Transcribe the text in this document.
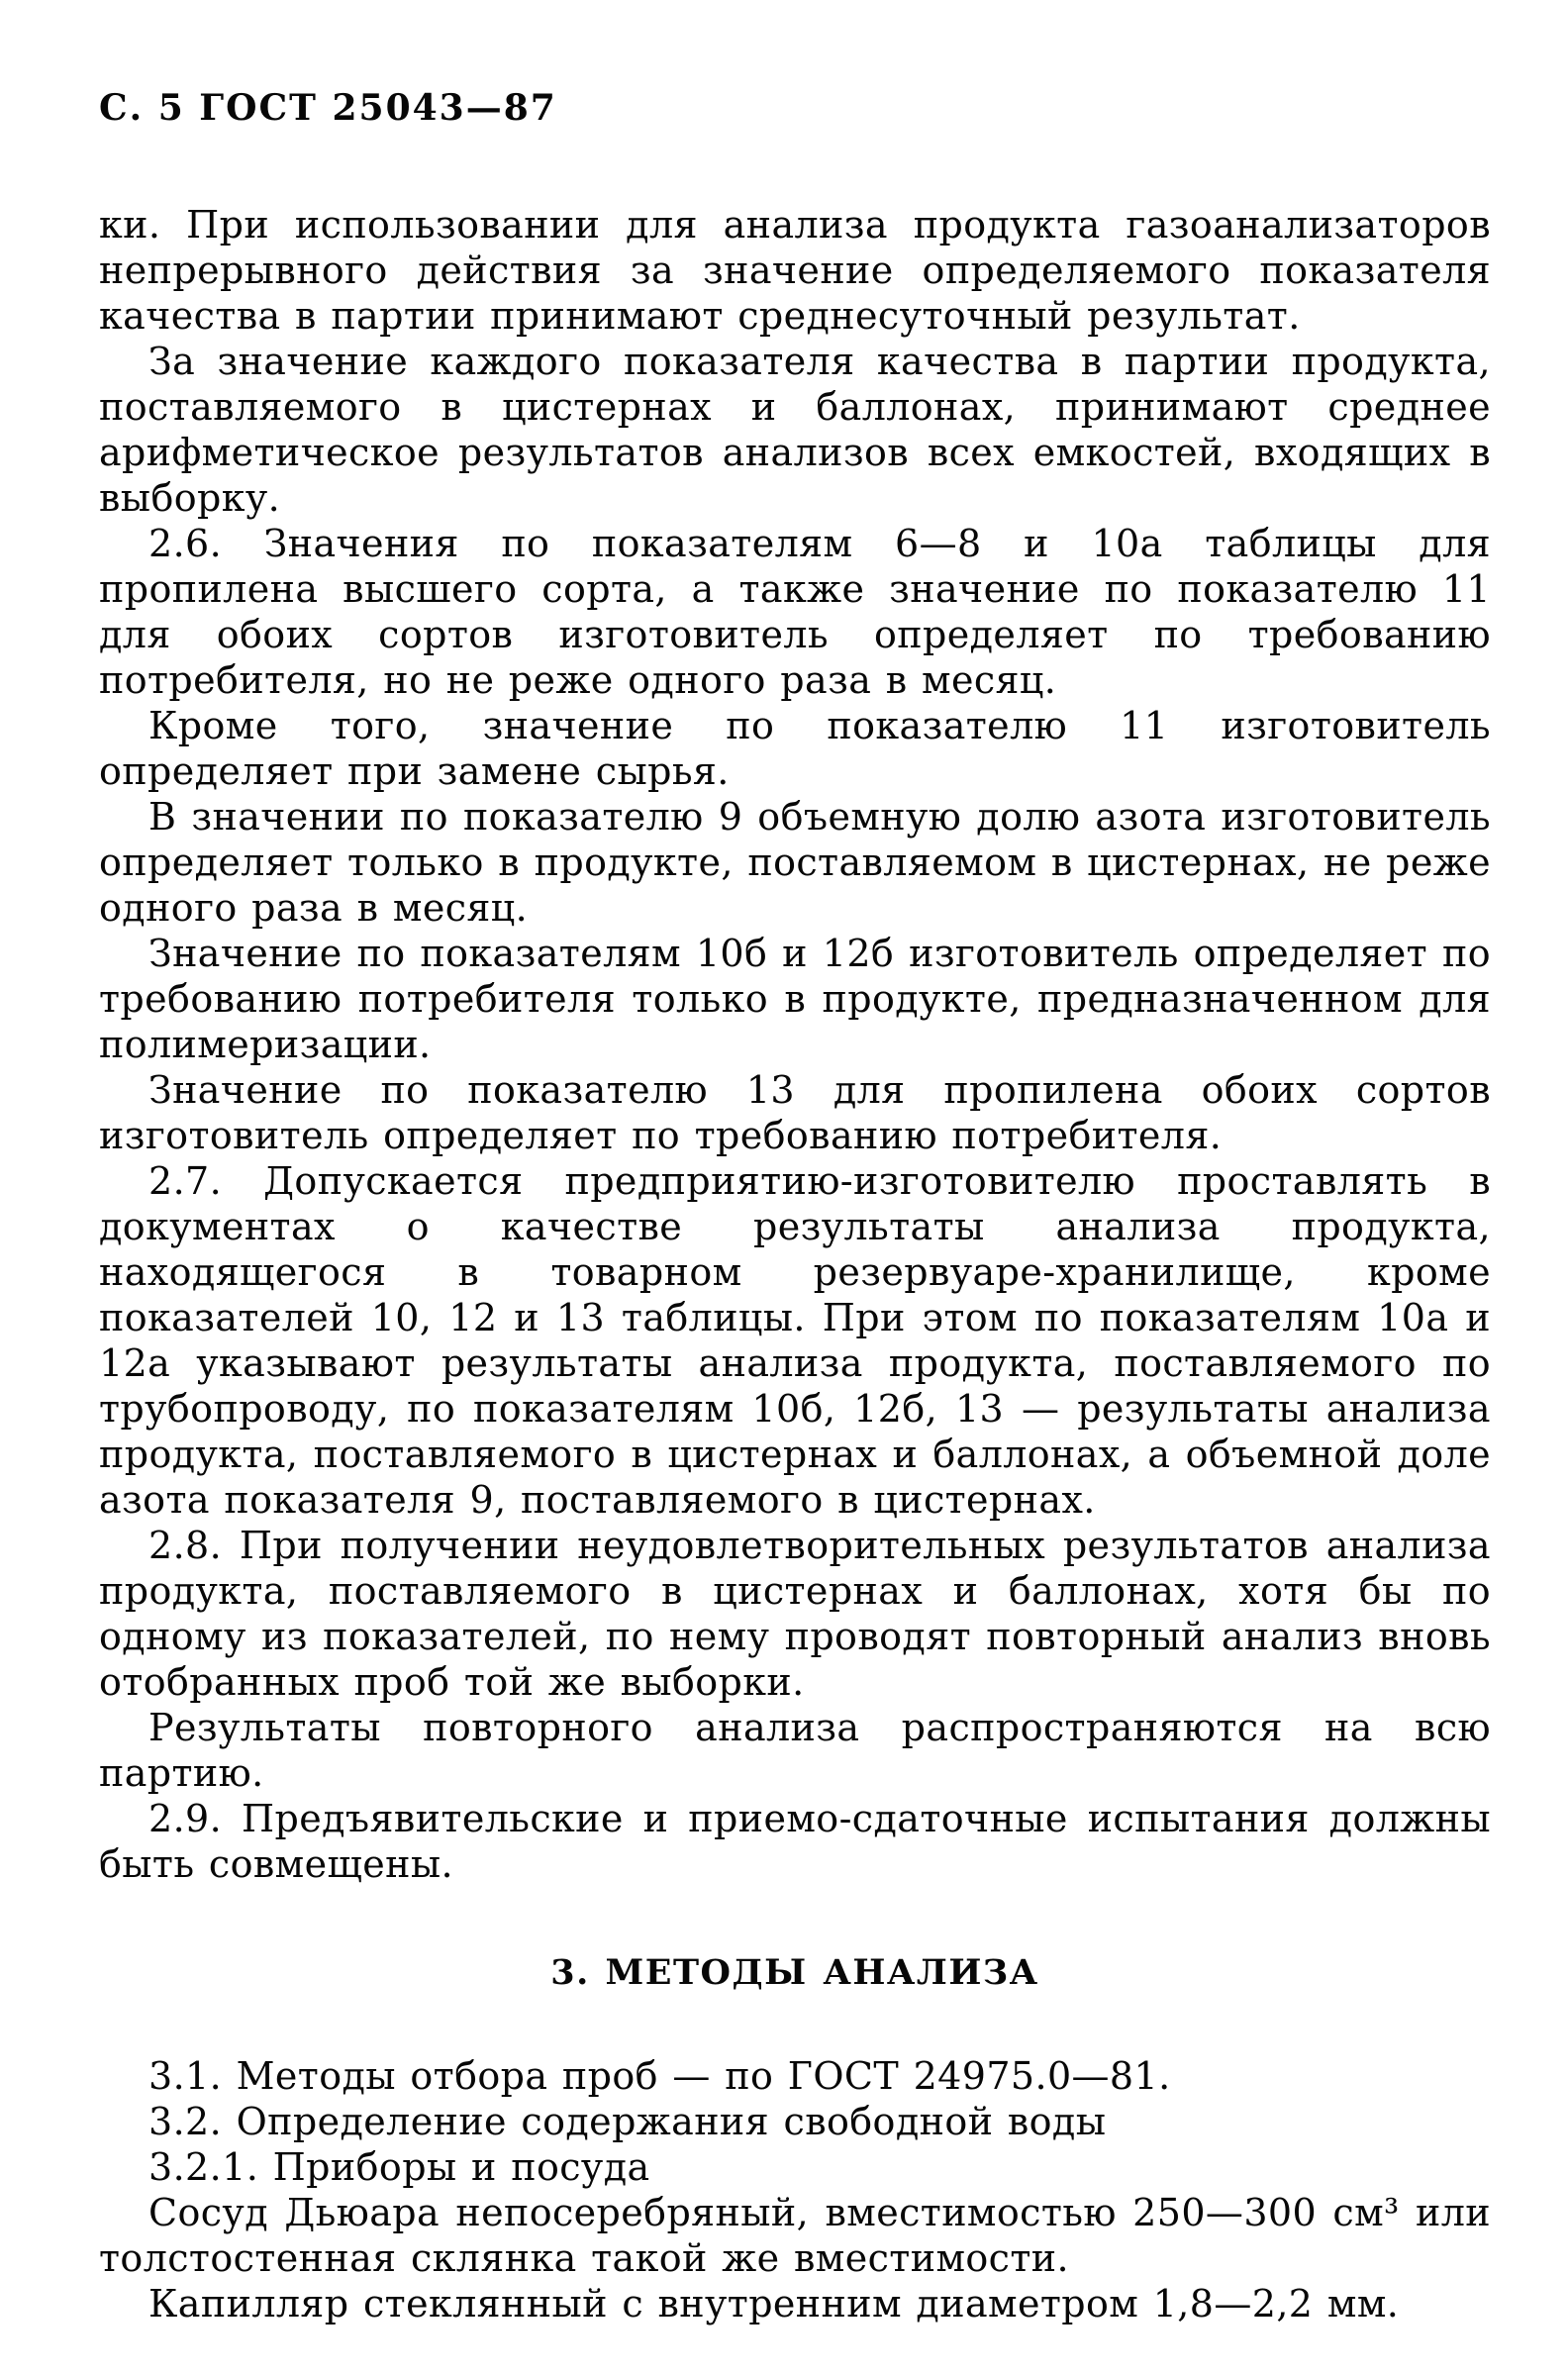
С. 5 ГОСТ 25043—87

ки. При использовании для анализа продукта газоанализаторов непрерывного действия за значение определяемого показателя качества в партии принимают среднесуточный результат.

За значение каждого показателя качества в партии продукта, поставляемого в цистернах и баллонах, принимают среднее арифметическое результатов анализов всех емкостей, входящих в выборку.

2.6. Значения по показателям 6—8 и 10а таблицы для пропилена высшего сорта, а также значение по показателю 11 для обоих сортов изготовитель определяет по требованию потребителя, но не реже одного раза в месяц.

Кроме того, значение по показателю 11 изготовитель определяет при замене сырья.

В значении по показателю 9 объемную долю азота изготовитель определяет только в продукте, поставляемом в цистернах, не реже одного раза в месяц.

Значение по показателям 10б и 12б изготовитель определяет по требованию потребителя только в продукте, предназначенном для полимеризации.

Значение по показателю 13 для пропилена обоих сортов изготовитель определяет по требованию потребителя.

2.7. Допускается предприятию-изготовителю проставлять в документах о качестве результаты анализа продукта, находящегося в товарном резервуаре-хранилище, кроме показателей 10, 12 и 13 таблицы. При этом по показателям 10а и 12а указывают результаты анализа продукта, поставляемого по трубопроводу, по показателям 10б, 12б, 13 — результаты анализа продукта, поставляемого в цистернах и баллонах, а объемной доле азота показателя 9, поставляемого в цистернах.

2.8. При получении неудовлетворительных результатов анализа продукта, поставляемого в цистернах и баллонах, хотя бы по одному из показателей, по нему проводят повторный анализ вновь отобранных проб той же выборки.

Результаты повторного анализа распространяются на всю партию.

2.9. Предъявительские и приемо-сдаточные испытания должны быть совмещены.

3. МЕТОДЫ АНАЛИЗА

3.1. Методы отбора проб — по ГОСТ 24975.0—81.

3.2. Определение содержания свободной воды

3.2.1. Приборы и посуда

Сосуд Дьюара непосеребряный, вместимостью 250—300 см³ или толстостенная склянка такой же вместимости.

Капилляр стеклянный с внутренним диаметром 1,8—2,2 мм.
